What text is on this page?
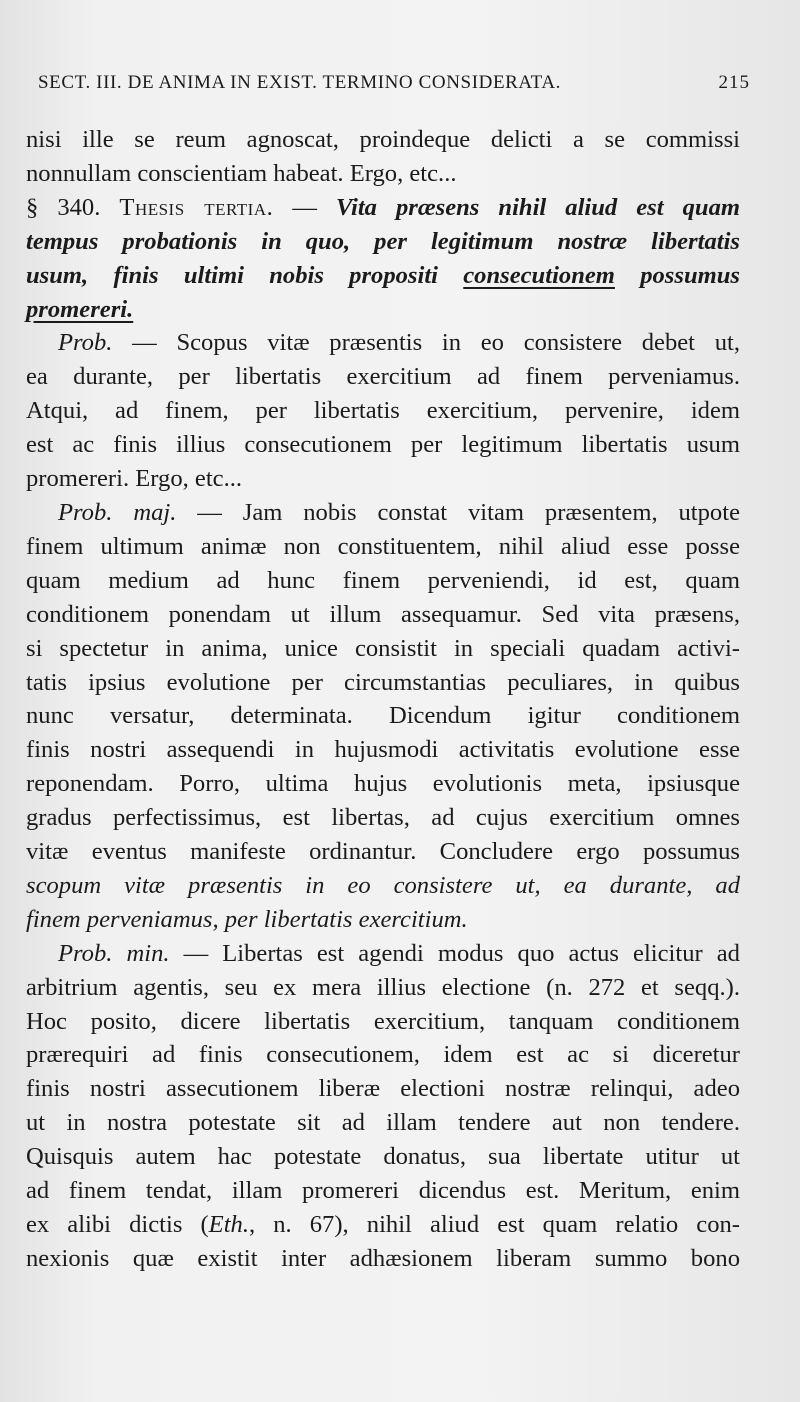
SECT. III. DE ANIMA IN EXIST. TERMINO CONSIDERATA.	215
nisi ille se reum agnoscat, proindeque delicti a se commissi
nonnullam conscientiam habeat. Ergo, etc...
§ 340. Thesis tertia. — Vita præsens nihil aliud est quam
tempus probationis in quo, per legitimum nostræ libertatis
usum, finis ultimi nobis propositi consecutionem possumus
promereri.
Prob. — Scopus vitæ præsentis in eo consistere debet ut,
ea durante, per libertatis exercitium ad finem perveniamus.
Atqui, ad finem, per libertatis exercitium, pervenire, idem
est ac finis illius consecutionem per legitimum libertatis usum
promereri. Ergo, etc...
Prob. maj. — Jam nobis constat vitam præsentem, utpote
finem ultimum animæ non constituentem, nihil aliud esse posse
quam medium ad hunc finem perveniendi, id est, quam
conditionem ponendam ut illum assequamur. Sed vita præsens,
si spectetur in anima, unice consistit in speciali quadam activi-
tatis ipsius evolutione per circumstantias peculiares, in quibus
nunc versatur, determinata. Dicendum igitur conditionem
finis nostri assequendi in hujusmodi activitatis evolutione esse
reponendam. Porro, ultima hujus evolutionis meta, ipsiusque
gradus perfectissimus, est libertas, ad cujus exercitium omnes
vitæ eventus manifeste ordinantur. Concludere ergo possumus
scopum vitæ præsentis in eo consistere ut, ea durante, ad
finem perveniamus, per libertatis exercitium.
Prob. min. — Libertas est agendi modus quo actus elicitur ad
arbitrium agentis, seu ex mera illius electione (n. 272 et seqq.).
Hoc posito, dicere libertatis exercitium, tanquam conditionem
prærequiri ad finis consecutionem, idem est ac si diceretur
finis nostri assecutionem liberæ electioni nostræ relinqui, adeo
ut in nostra potestate sit ad illam tendere aut non tendere.
Quisquis autem hac potestate donatus, sua libertate utitur ut
ad finem tendat, illam promereri dicendus est. Meritum, enim
ex alibi dictis (Eth., n. 67), nihil aliud est quam relatio con-
nexionis quæ existit inter adhæsionem liberam summo bono
